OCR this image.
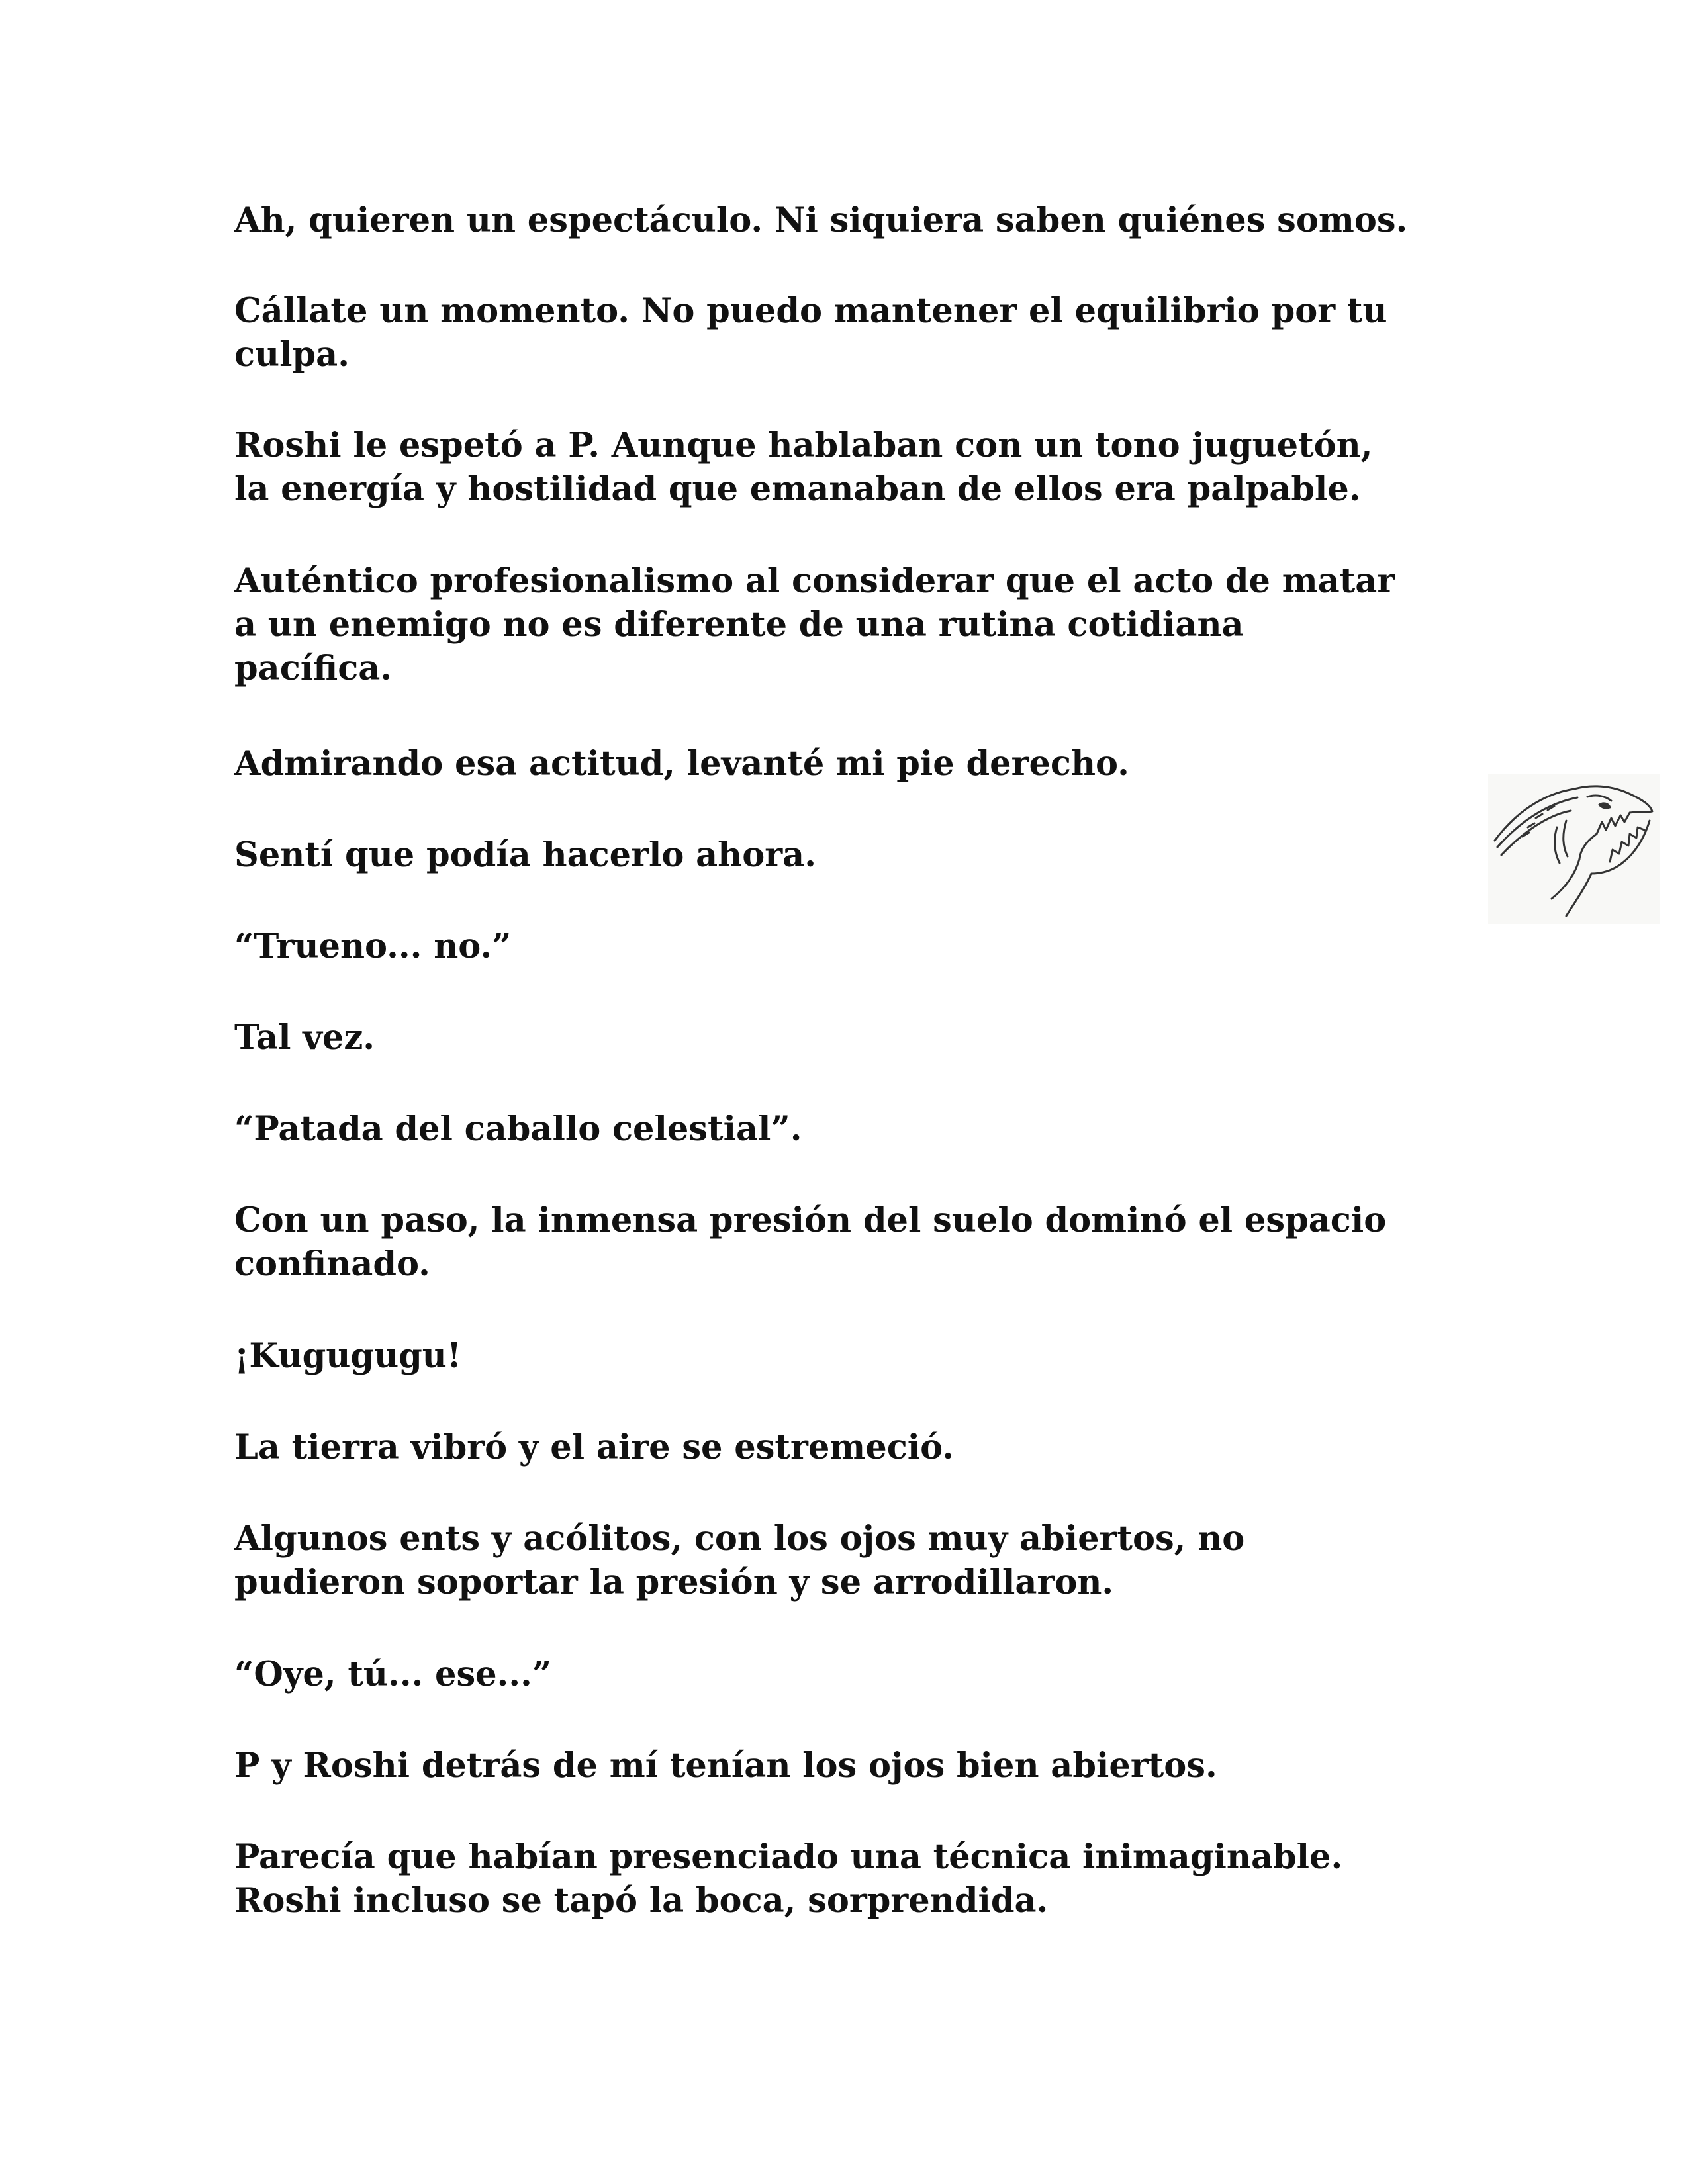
Ah, quieren un espectáculo. Ni siquiera saben quiénes somos.
Cállate un momento. No puedo mantener el equilibrio por tu
culpa.
Roshi le espetó a P. Aunque hablaban con un tono juguetón,
la energía y hostilidad que emanaban de ellos era palpable.
Auténtico profesionalismo al considerar que el acto de matar
a un enemigo no es diferente de una rutina cotidiana
pacífica.
Admirando esa actitud, levanté mi pie derecho.
Sentí que podía hacerlo ahora.
“Trueno... no.”
Tal vez.
“Patada del caballo celestial”.
Con un paso, la inmensa presión del suelo dominó el espacio
confinado.
¡Kugugugu!
La tierra vibró y el aire se estremeció.
Algunos ents y acólitos, con los ojos muy abiertos, no
pudieron soportar la presión y se arrodillaron.
“Oye, tú... ese...”
P y Roshi detrás de mí tenían los ojos bien abiertos.
Parecía que habían presenciado una técnica inimaginable.
Roshi incluso se tapó la boca, sorprendida.
